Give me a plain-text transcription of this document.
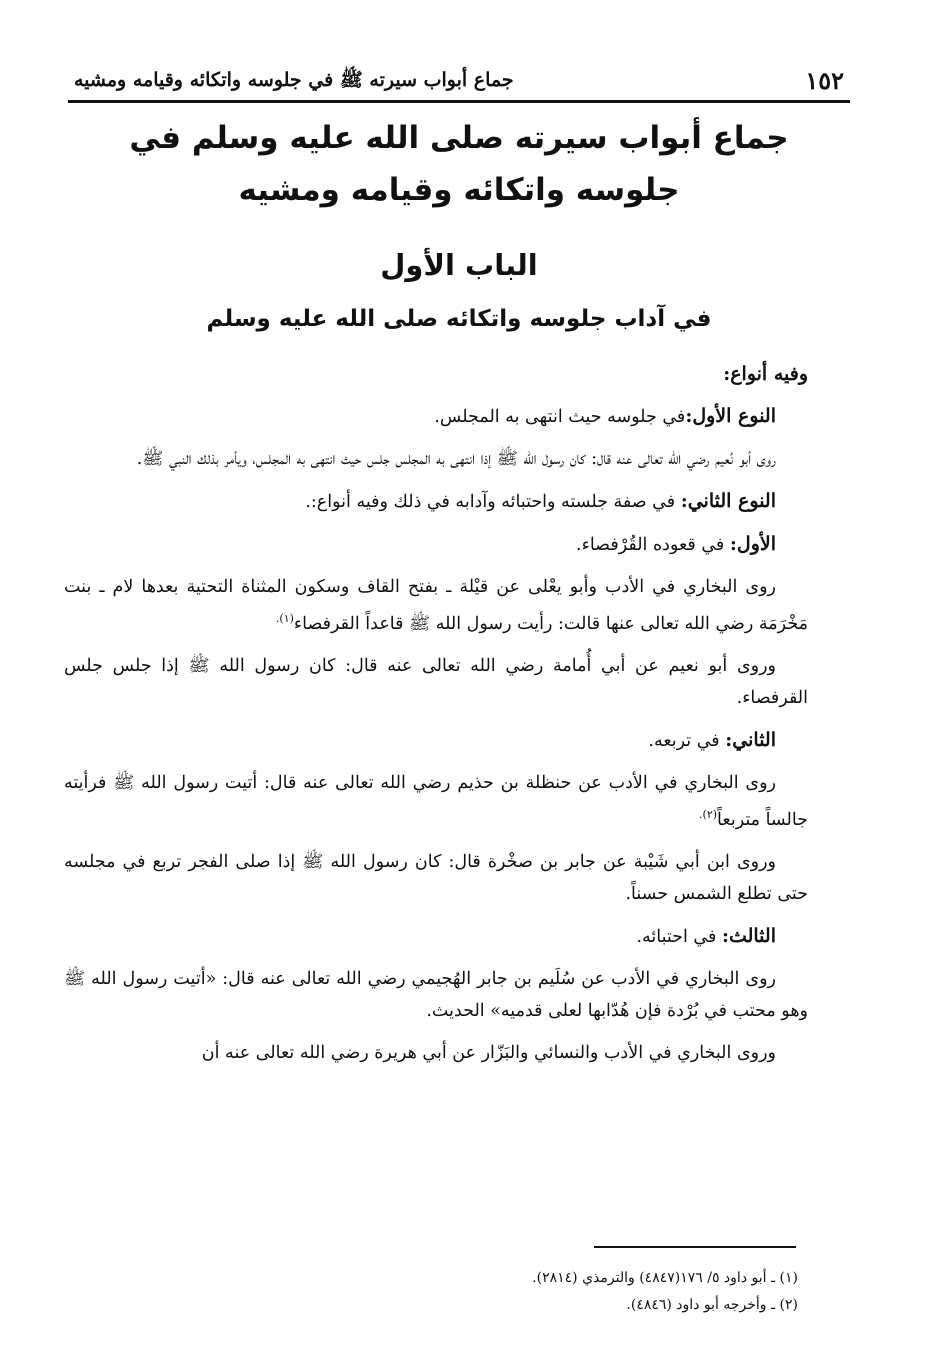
١٥٢
جماع أبواب سيرته ﷺ في جلوسه واتكائه وقيامه ومشيه
جماع أبواب سيرته صلى الله عليه وسلم في
جلوسه واتكائه وقيامه ومشيه
الباب الأول
في آداب جلوسه واتكائه صلى الله عليه وسلم

وفيه أنواع:

النوع الأول:في جلوسه حيث انتهى به المجلس.

روى أبو نُعيم رضي الله تعالى عنه قال: كان رسول الله ﷺ إذا انتهى به المجلس جلس حيث انتهى به المجلس، ويأمر بذلك النبي ﷺ.

النوع الثاني: في صفة جلسته واحتبائه وآدابه في ذلك وفيه أنواع:.

الأول: في قعوده القُرْفصاء.

روى البخاري في الأدب وأبو يعْلى عن قيْلة ـ بفتح القاف وسكون المثناة التحتية بعدها لام ـ بنت مَخْرَمَة رضي الله تعالى عنها قالت: رأيت رسول الله ﷺ قاعداً القرفصاء$^{(١).}$

وروى أبو نعيم عن أبي أُمامة رضي الله تعالى عنه قال: كان رسول الله ﷺ إذا جلس جلس القرفصاء.

الثاني: في تربعه.

روى البخاري في الأدب عن حنظلة بن حذيم رضي الله تعالى عنه قال: أتيت رسول الله ﷺ فرأيته جالساً متربعاً$^{(٢).}$

وروى ابن أبي شَيْبة عن جابر بن صخْرة قال: كان رسول الله ﷺ إذا صلى الفجر تربع في مجلسه حتى تطلع الشمس حسناً.

الثالث: في احتبائه.

روى البخاري في الأدب عن سُلَيم بن جابر الهُجيمي رضي الله تعالى عنه قال: «أتيت رسول الله ﷺ وهو محتب في بُرْدة فإن هُدّابها لعلى قدميه» الحديث.

وروى البخاري في الأدب والنسائي والبَزّار عن أبي هريرة رضي الله تعالى عنه أن

(١) ـ أبو داود ٥/ ١٧٦(٤٨٤٧) والترمذي (٢٨١٤).
(٢) ـ وأخرجه أبو داود (٤٨٤٦).
